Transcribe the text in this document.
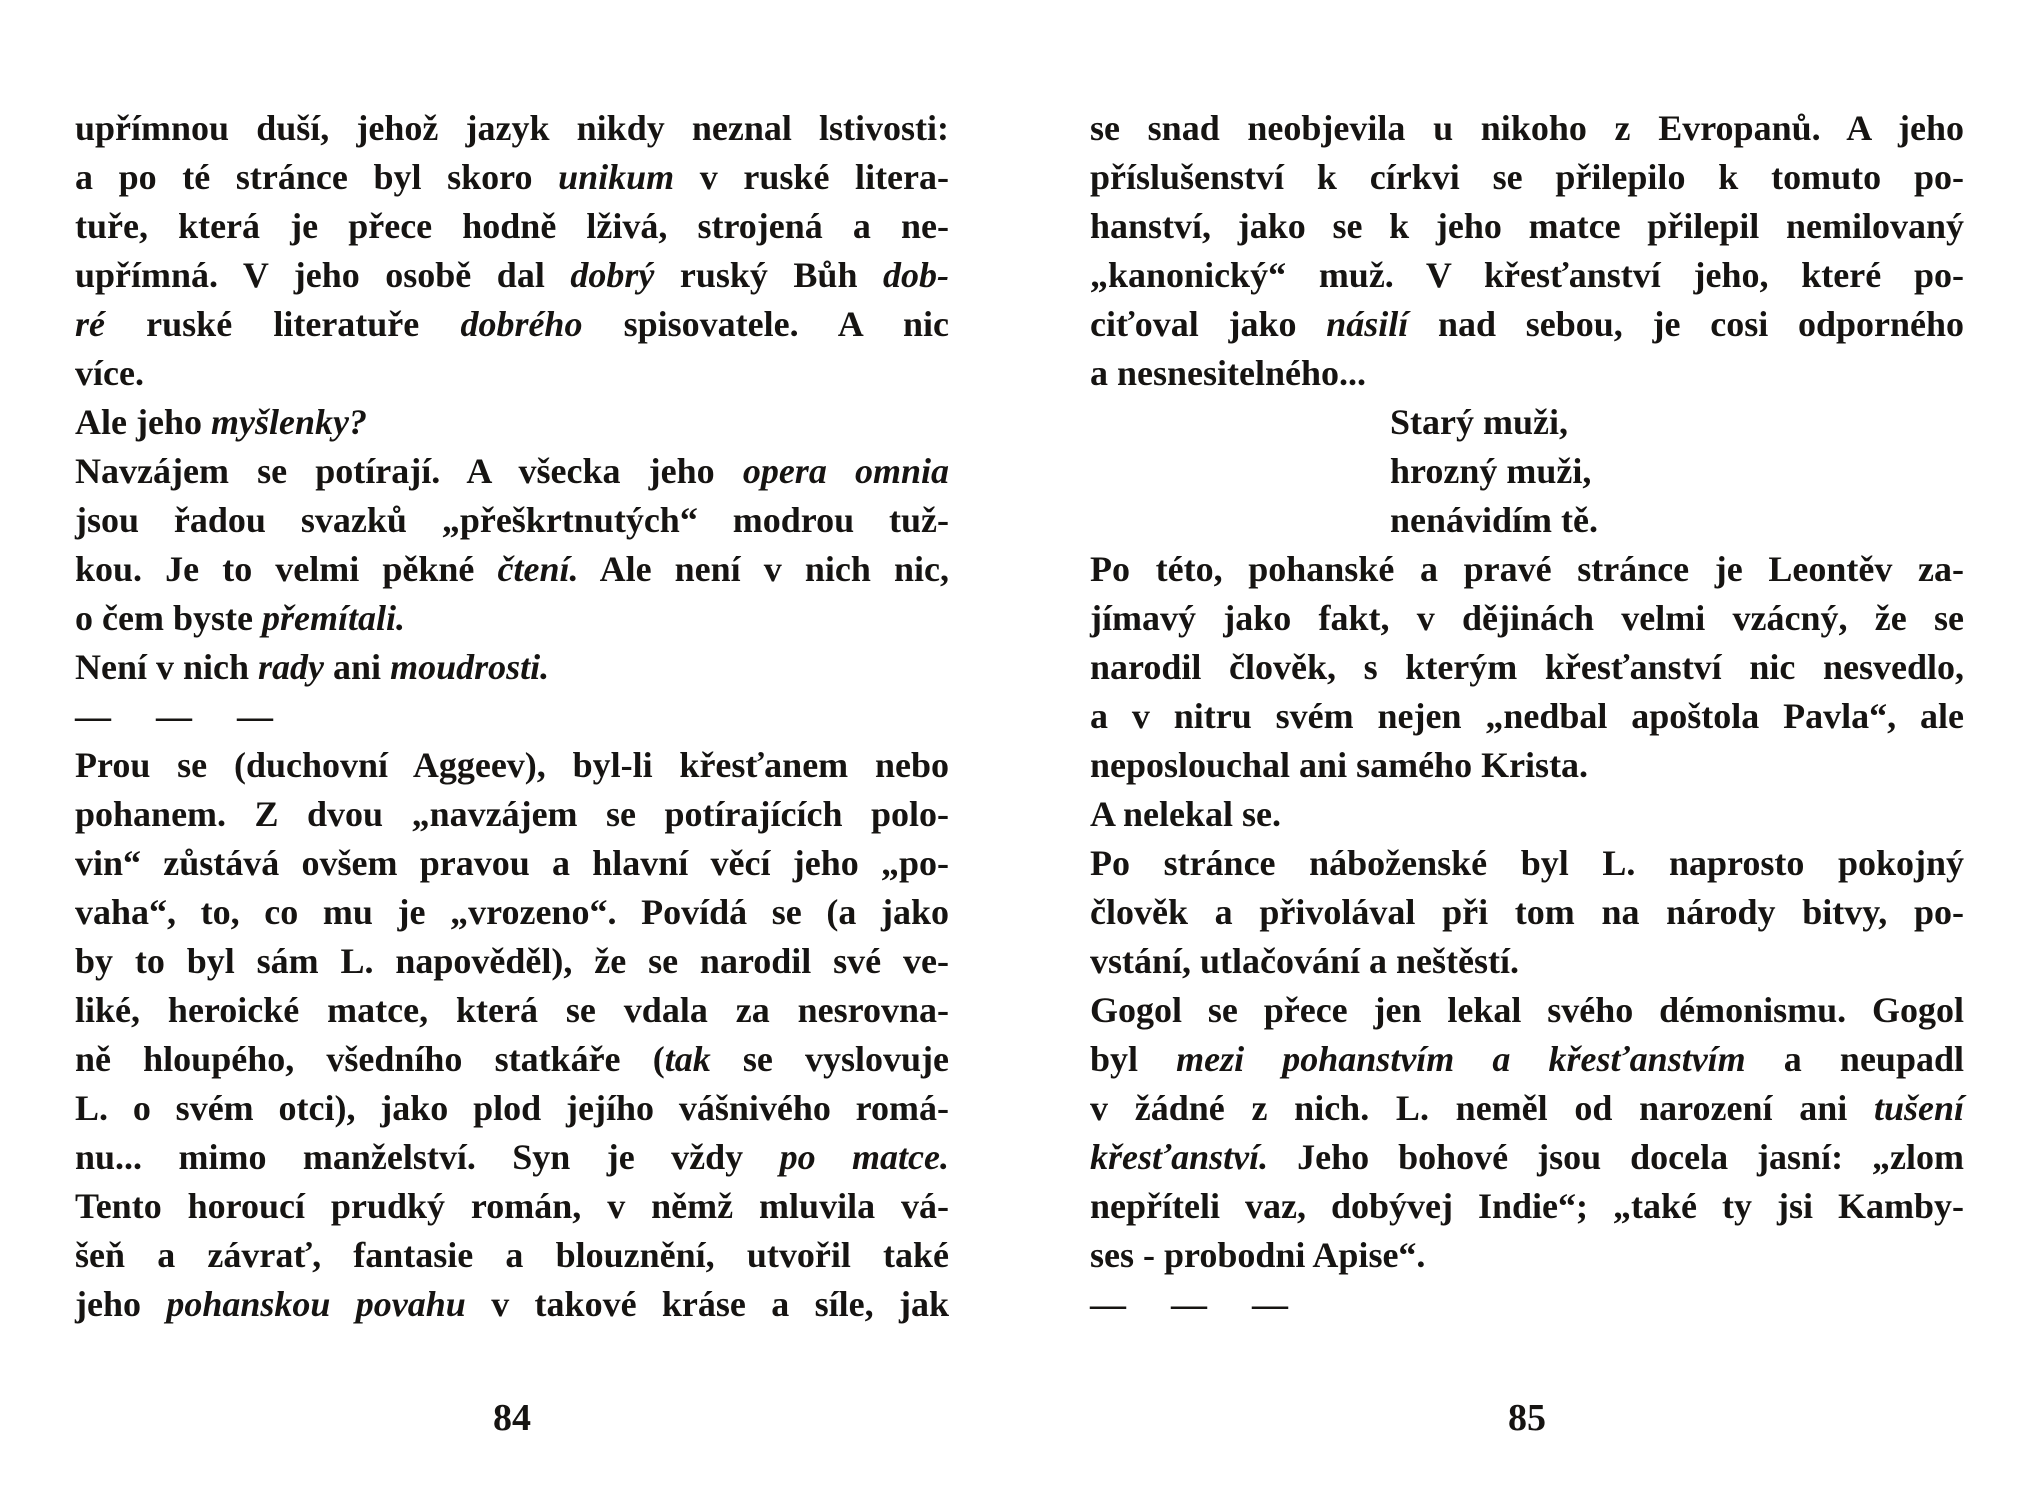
upřímnou duší, jehož jazyk nikdy neznal lstivosti:
a po té stránce byl skoro unikum v ruské litera-
tuře, která je přece hodně lživá, strojená a ne-
upřímná. V jeho osobě dal dobrý ruský Bůh dob-
ré ruské literatuře dobrého spisovatele. A nic
více.
Ale jeho myšlenky?
Navzájem se potírají. A všecka jeho opera omnia
jsou řadou svazků „přeškrtnutých“ modrou tuž-
kou. Je to velmi pěkné čtení. Ale není v nich nic,
o čem byste přemítali.
Není v nich rady ani moudrosti.
— — —
Prou se (duchovní Aggeev), byl-li křesťanem nebo
pohanem. Z dvou „navzájem se potírajících polo-
vin“ zůstává ovšem pravou a hlavní věcí jeho „po-
vaha“, to, co mu je „vrozeno“. Povídá se (a jako
by to byl sám L. napověděl), že se narodil své ve-
liké, heroické matce, která se vdala za nesrovna-
ně hloupého, všedního statkáře (tak se vyslovuje
L. o svém otci), jako plod jejího vášnivého romá-
nu... mimo manželství. Syn je vždy po matce.
Tento horoucí prudký román, v němž mluvila vá-
šeň a závrať, fantasie a blouznění, utvořil také
jeho pohanskou povahu v takové kráse a síle, jak
se snad neobjevila u nikoho z Evropanů. A jeho
příslušenství k církvi se přilepilo k tomuto po-
hanství, jako se k jeho matce přilepil nemilovaný
„kanonický“ muž. V křesťanství jeho, které po-
ciťoval jako násilí nad sebou, je cosi odporného
a nesnesitelného...
Starý muži,
hrozný muži,
nenávidím tě.
Po této, pohanské a pravé stránce je Leontěv za-
jímavý jako fakt, v dějinách velmi vzácný, že se
narodil člověk, s kterým křesťanství nic nesvedlo,
a v nitru svém nejen „nedbal apoštola Pavla“, ale
neposlouchal ani samého Krista.
A nelekal se.
Po stránce náboženské byl L. naprosto pokojný
člověk a přivolával při tom na národy bitvy, po-
vstání, utlačování a neštěstí.
Gogol se přece jen lekal svého démonismu. Gogol
byl mezi pohanstvím a křesťanstvím a neupadl
v žádné z nich. L. neměl od narození ani tušení
křesťanství. Jeho bohové jsou docela jasní: „zlom
nepříteli vaz, dobývej Indie“; „také ty jsi Kamby-
ses - probodni Apise“.
— — —
84	85
